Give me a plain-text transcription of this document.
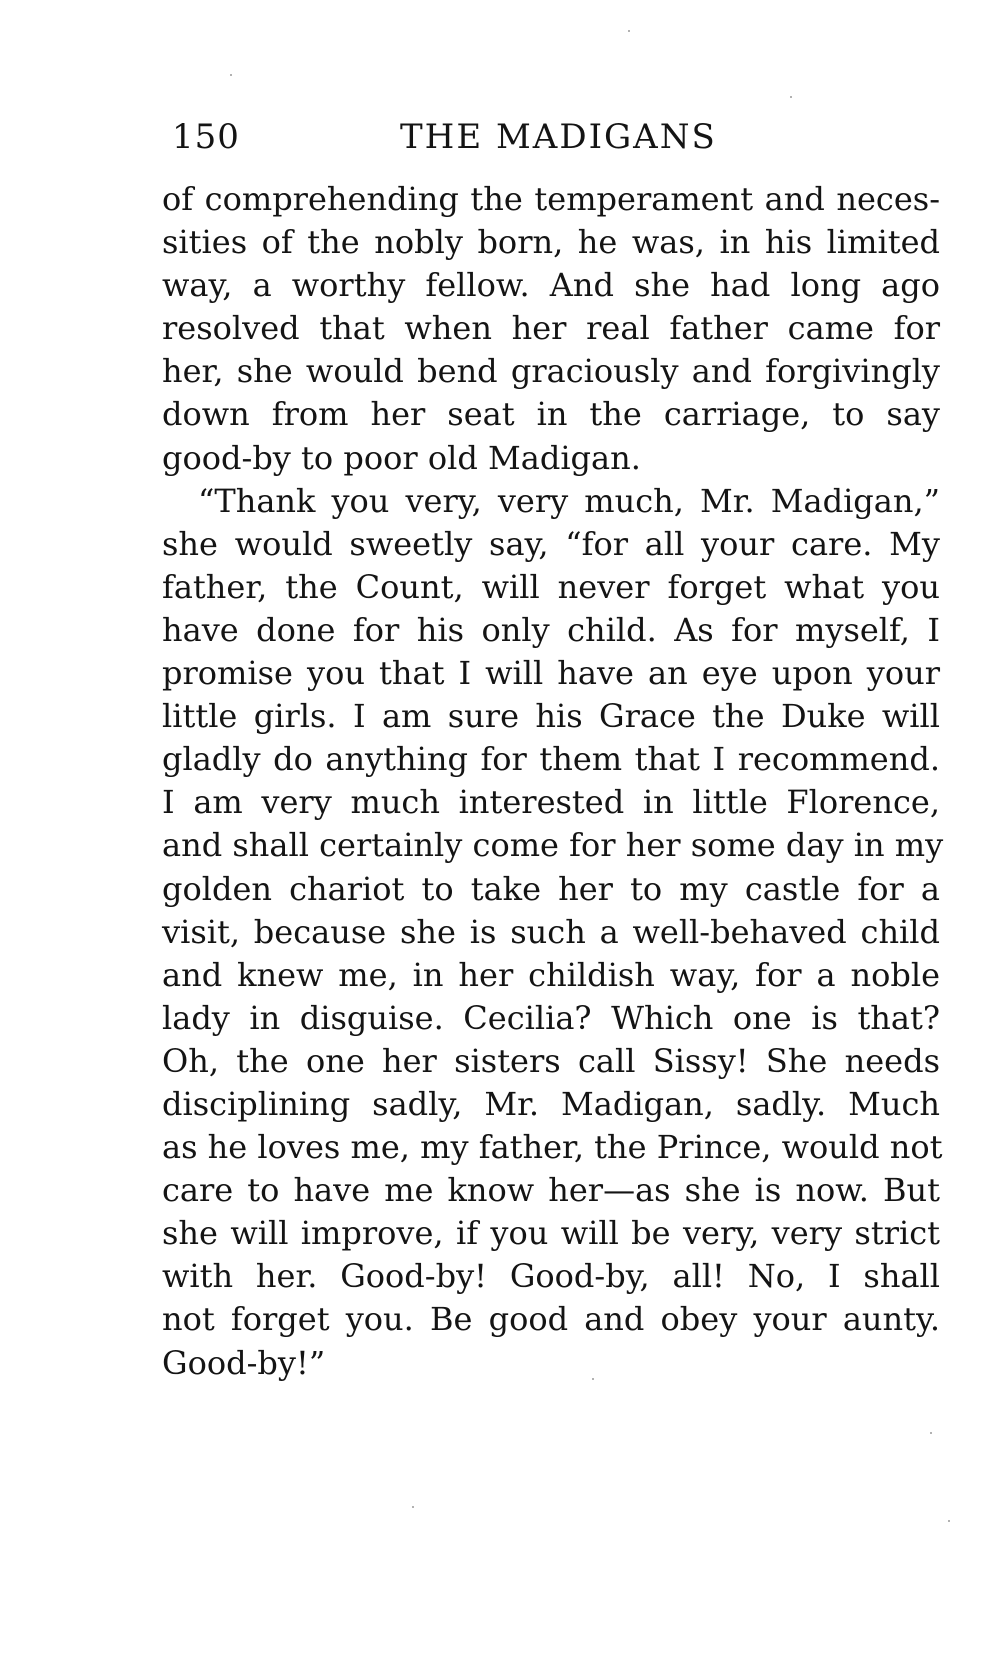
150	THE MADIGANS
of comprehending the temperament and neces-
sities of the nobly born, he was, in his limited
way, a worthy fellow. And she had long ago
resolved that when her real father came for
her, she would bend graciously and forgivingly
down from her seat in the carriage, to say
good-by to poor old Madigan.
“Thank you very, very much, Mr. Madigan,”
she would sweetly say, “for all your care. My
father, the Count, will never forget what you
have done for his only child. As for myself, I
promise you that I will have an eye upon your
little girls. I am sure his Grace the Duke will
gladly do anything for them that I recommend.
I am very much interested in little Florence,
and shall certainly come for her some day in my
golden chariot to take her to my castle for a
visit, because she is such a well-behaved child
and knew me, in her childish way, for a noble
lady in disguise. Cecilia? Which one is that?
Oh, the one her sisters call Sissy! She needs
disciplining sadly, Mr. Madigan, sadly. Much
as he loves me, my father, the Prince, would not
care to have me know her—as she is now. But
she will improve, if you will be very, very strict
with her. Good-by! Good-by, all! No, I shall
not forget you. Be good and obey your aunty.
Good-by!”
